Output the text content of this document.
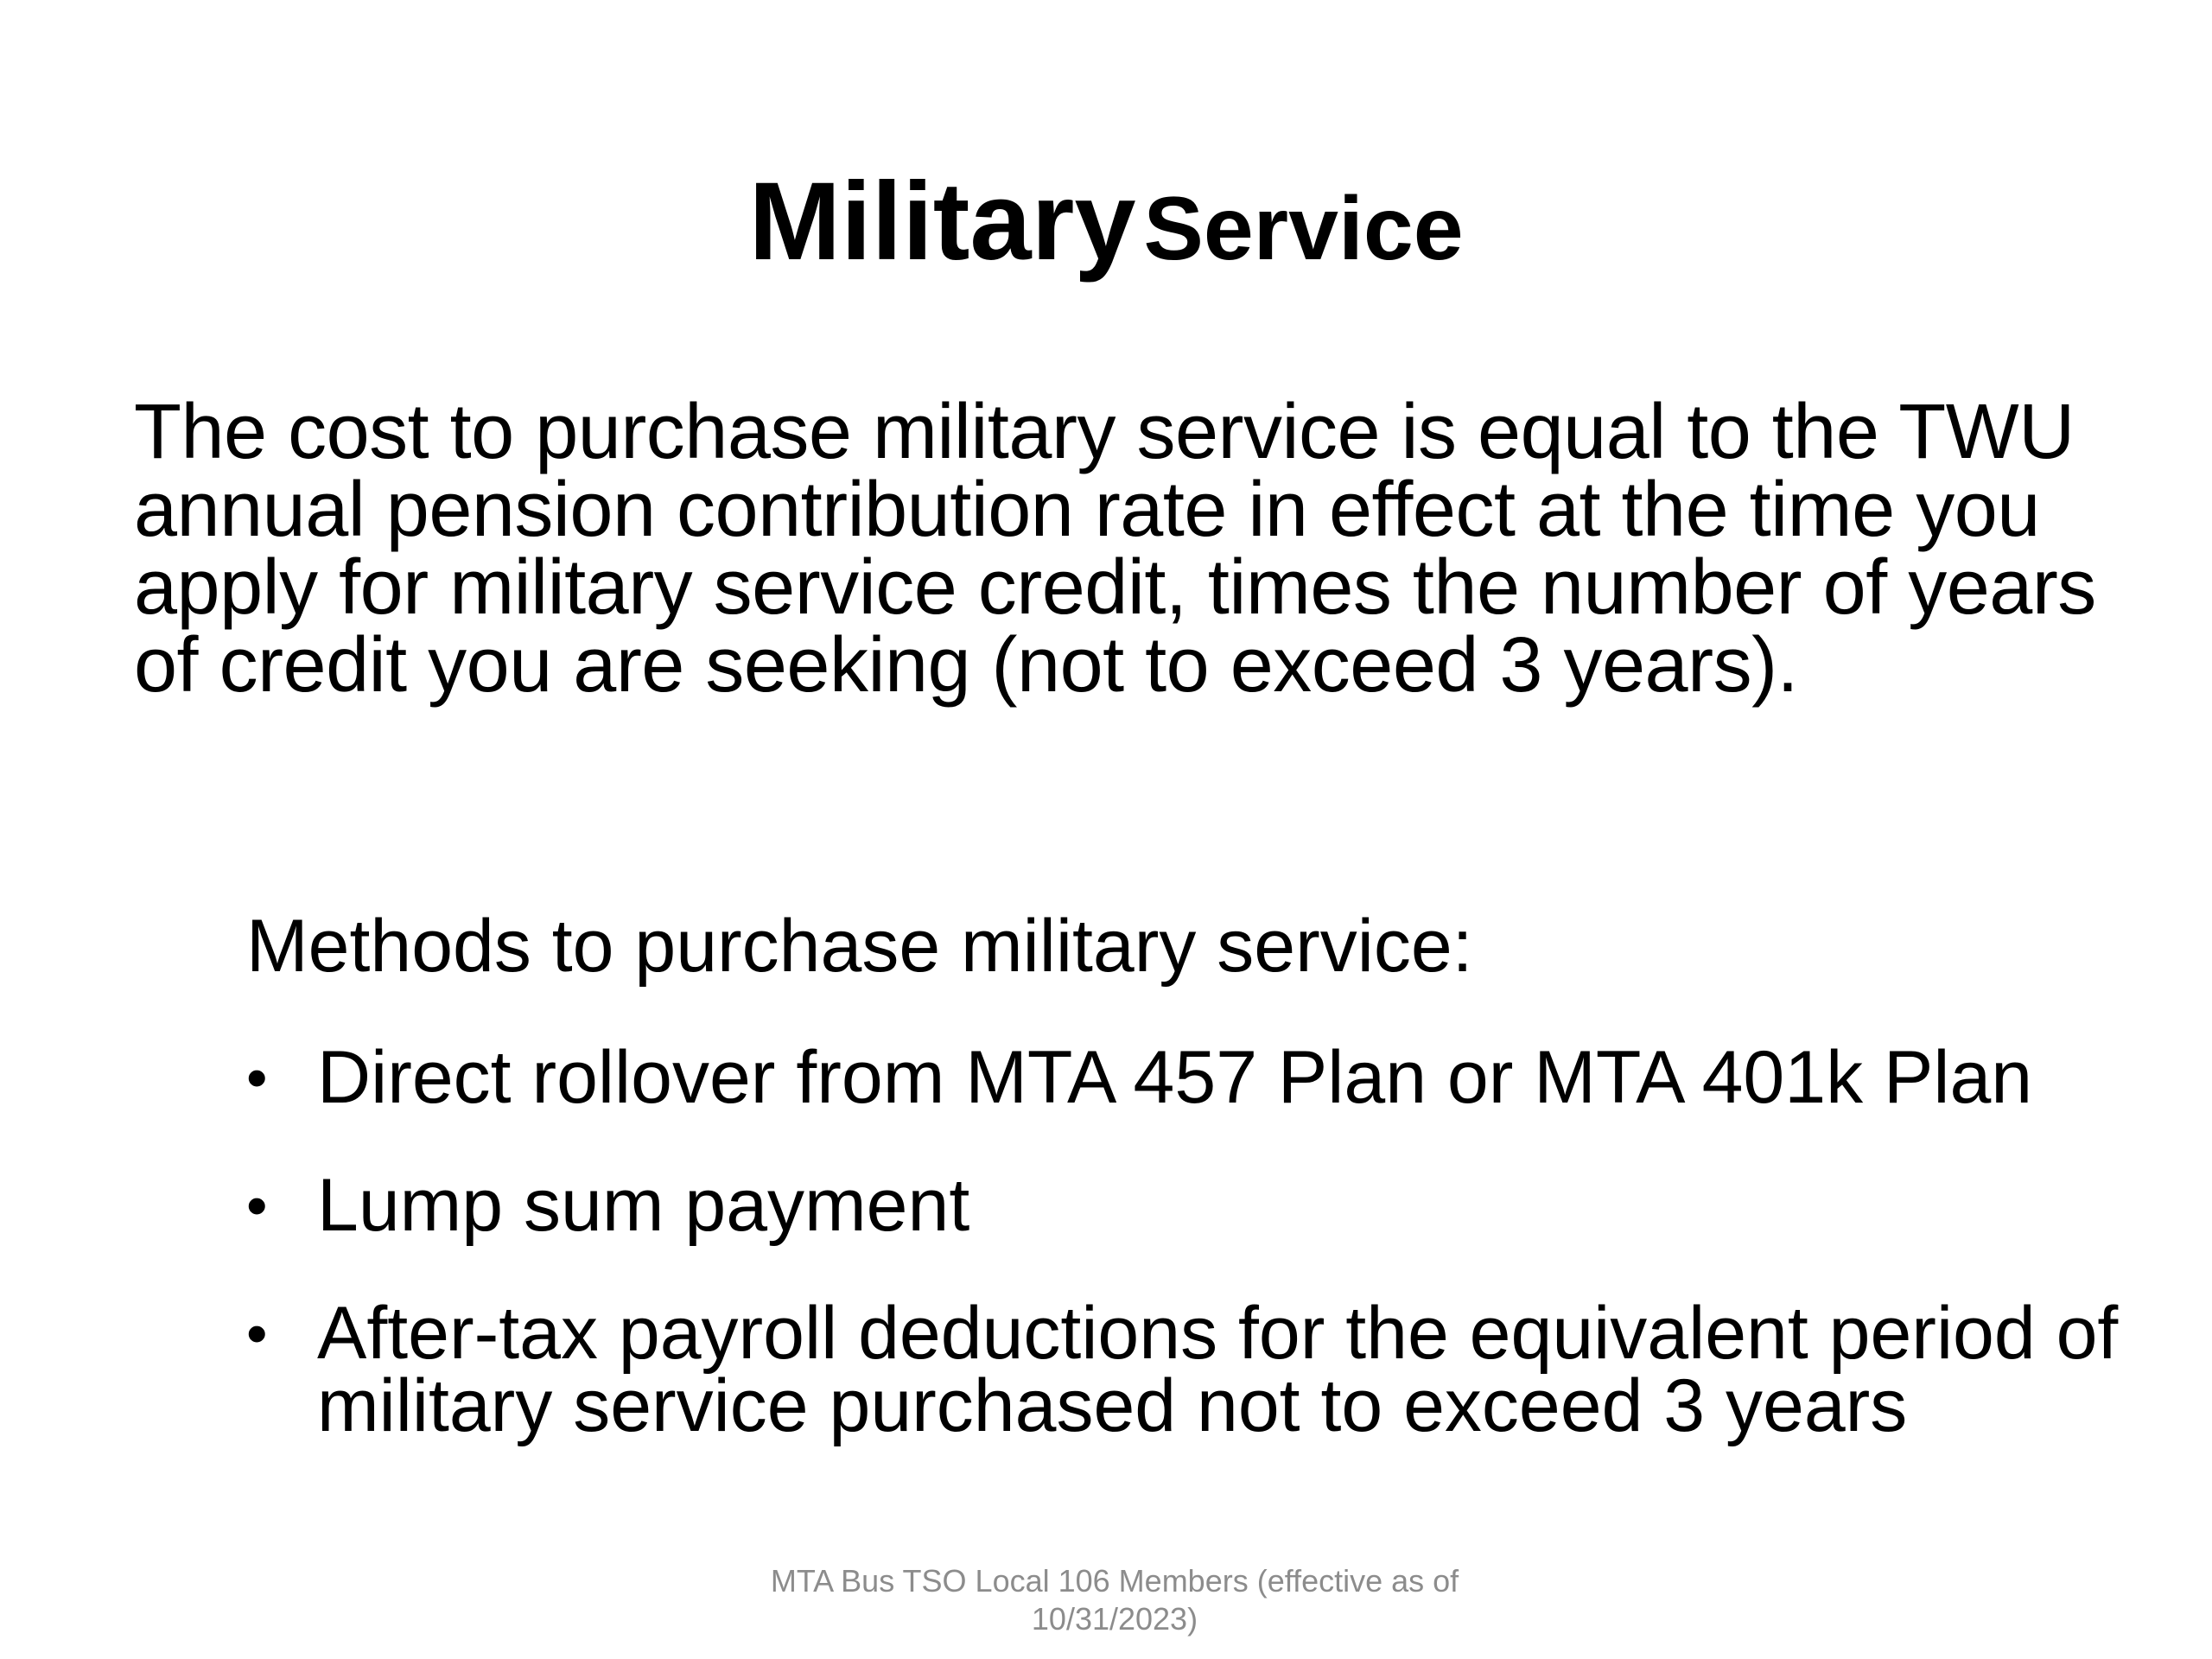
Military Service

The cost to purchase military service is equal to the TWU annual pension contribution rate in effect at the time you apply for military service credit, times the number of years of credit you are seeking (not to exceed 3 years).

Methods to purchase military service:

• Direct rollover from MTA 457 Plan or MTA 401k Plan
• Lump sum payment
• After-tax payroll deductions for the equivalent period of military service purchased not to exceed 3 years

MTA Bus TSO Local 106 Members (effective as of
10/31/2023)
